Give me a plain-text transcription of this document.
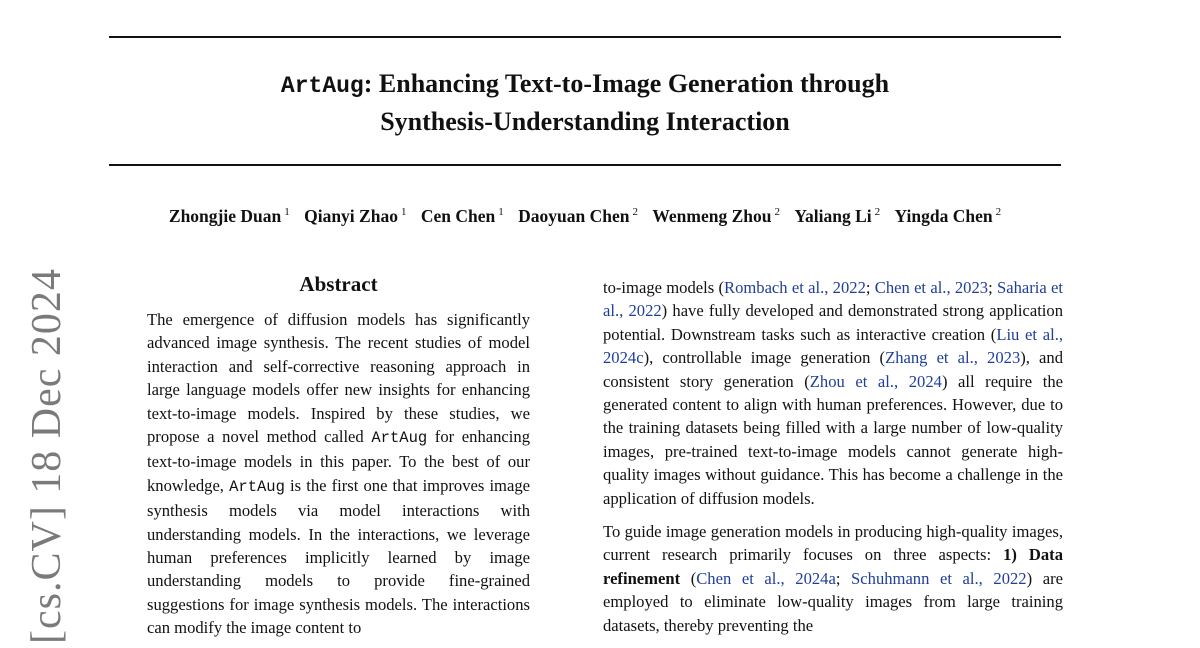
ArtAug: Enhancing Text-to-Image Generation through
Synthesis-Understanding Interaction
Zhongjie Duan $^1$ Qianyi Zhao $^1$ Cen Chen $^1$ Daoyuan Chen $^2$ Wenmeng Zhou $^2$ Yaliang Li $^2$ Yingda Chen $^2$
[cs.CV] 18 Dec 2024	Abstract
The emergence of diffusion models has significantly advanced image synthesis. The recent studies of model interaction and self-corrective reasoning approach in large language models offer new insights for enhancing text-to-image models. Inspired by these studies, we propose a novel method called ArtAug for enhancing text-to-image models in this paper. To the best of our knowledge, ArtAug is the first one that improves image synthesis models via model interactions with understanding models. In the interactions, we leverage human preferences implicitly learned by image understanding models to provide fine-grained suggestions for image synthesis models. The interactions can modify the image content to

to-image models (Rombach et al., 2022; Chen et al., 2023; Saharia et al., 2022) have fully developed and demonstrated strong application potential. Downstream tasks such as interactive creation (Liu et al., 2024c), controllable image generation (Zhang et al., 2023), and consistent story generation (Zhou et al., 2024) all require the generated content to align with human preferences. However, due to the training datasets being filled with a large number of low-quality images, pre-trained text-to-image models cannot generate high-quality images without guidance. This has become a challenge in the application of diffusion models.

To guide image generation models in producing high-quality images, current research primarily focuses on three aspects: 1) Data refinement (Chen et al., 2024a; Schuhmann et al., 2022) are employed to eliminate low-quality images from large training datasets, thereby preventing the
